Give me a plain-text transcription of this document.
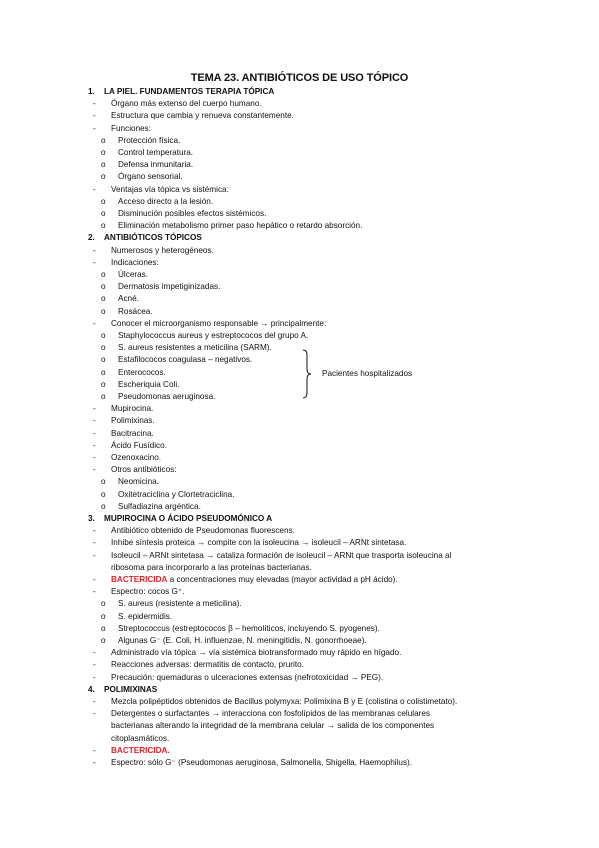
TEMA 23. ANTIBIÓTICOS DE USO TÓPICO
1. LA PIEL. FUNDAMENTOS TERAPIA TÓPICA
- Órgano más extenso del cuerpo humano.
- Estructura que cambia y renueva constantemente.
- Funciones:
o Protección física.
o Control temperatura.
o Defensa inmunitaria.
o Órgano sensorial.
- Ventajas vía tópica vs sistémica:
o Acceso directo a la lesión.
o Disminución posibles efectos sistémicos.
o Eliminación metabolismo primer paso hepático o retardo absorción.
2. ANTIBIÓTICOS TÓPICOS
- Numerosos y heterogéneos.
- Indicaciones:
o Úlceras.
o Dermatosis impetiginizadas.
o Acné.
o Rosácea.
- Conocer el microorganismo responsable → principalmente:
o Staphylococcus aureus y estreptococos del grupo A.
o S. aureus resistentes a meticilina (SARM).
o Estafilococos coagulasa – negativos.
o Enterococos.
o Escheriquia Coli.
o Pseudomonas aeruginosa.
- Mupirocina.
- Polimixinas.
- Bacitracina.
- Ácido Fusídico.
- Ozenoxacino.
- Otros antibióticos:
o Neomicina.
o Oxitetraciclina y Clortetraciclina.
o Sulfadiazina argéntica.
3. MUPIROCINA O ÁCIDO PSEUDOMÓNICO A
- Antibiótico obtenido de Pseudomonas fluorescens.
- Inhibe síntesis proteica → compite con la isoleucina → isoleucil – ARNt sintetasa.
- Isoleucil – ARNt sintetasa → cataliza formación de isoleucil – ARNt que trasporta isoleucina al
ribosoma para incorporarlo a las proteínas bacterianas.
- BACTERICIDA a concentraciones muy elevadas (mayor actividad a pH ácido).
- Espectro: cocos G⁺.
o S. aureus (resistente a meticilina).
o S. epidermidis.
o Streptococcus (estreptococos β – hemolíticos, incluyendo S. pyogenes).
o Algunas G⁻ (E. Coli, H. influenzae, N. meningitidis, N. gonorrhoeae).
- Administrado vía tópica → vía sistémica biotransformado muy rápido en hígado.
- Reacciones adversas: dermatitis de contacto, prurito.
- Precaución: quemaduras o ulceraciones extensas (nefrotoxicidad → PEG).
4. POLIMIXINAS
- Mezcla polipéptidos obtenidos de Bacillus polymyxa: Polimixina B y E (colistina o colistimetato).
- Detergentes o surfactantes → interacciona con fosfolípidos de las membranas celulares
bacterianas alterando la integridad de la membrana celular → salida de los componentes
citoplasmáticos.
- BACTERICIDA.
- Espectro: sólo G⁻ (Pseudomonas aeruginosa, Salmonella, Shigella, Haemophilus).
Pacientes hospitalizados
